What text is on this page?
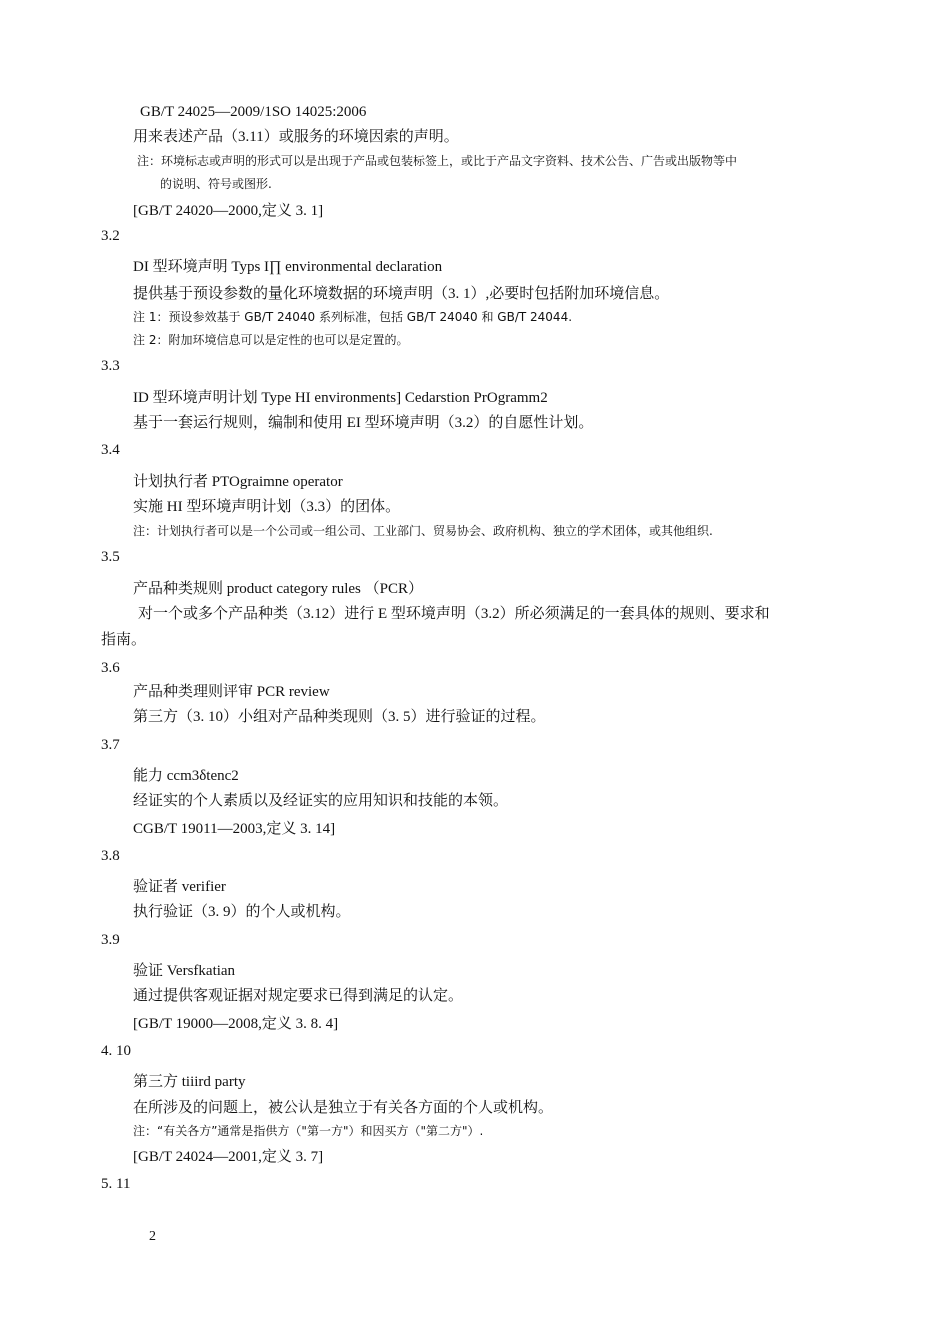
GB/T 24025—2009/1SO 14025:2006
用来表述产品（3.11）或服务的环境因索的声明。
注：环境标志或声明的形式可以是出现于产品或包装标签上，或比于产品文字资料、技术公告、广告或出版物等中
的说明、符号或图形.
[GB/T 24020—2000,定义 3. 1]
3.2
DI 型环境声明 Typs I∏ environmental declaration
提供基于预设参数的量化环境数据的环境声明（3. 1）,必要时包括附加环境信息。
注 1：预设参效基于 GB/T 24040 系列标准，包括 GB/T 24040 和 GB/T 24044.
注 2：附加环境信息可以是定性的也可以是定置的。
3.3
ID 型环境声明计划 Type HI environments] Cedarstion PrOgramm2
基于一套运行规则，编制和使用 EI 型环境声明（3.2）的自愿性计划。
3.4
计划执行者 PTOgraimne operator
实施 HI 型环境声明计划（3.3）的团体。
注：计划执行者可以是一个公司或一组公司、工业部门、贸易协会、政府机构、独立的学术团体，或其他组织.
3.5
产品种类规则 product category rules （PCR）
对一个或多个产品种类（3.12）进行 E 型环境声明（3.2）所必须满足的一套具体的规则、要求和
指南。
3.6
产品种类理则评审 PCR review
第三方（3. 10）小组对产品种类现则（3. 5）进行验证的过程。
3.7
能力 ccm3δtenc2
经证实的个人素质以及经证实的应用知识和技能的本领。
CGB/T 19011—2003,定义 3. 14]
3.8
验证者 verifier
执行验证（3. 9）的个人或机构。
3.9
验证 Versfkatian
通过提供客观证据对规定要求已得到满足的认定。
[GB/T 19000—2008,定义 3. 8. 4]
4. 10
第三方 tiiird party
在所涉及的问题上，被公认是独立于有关各方面的个人或机构。
注：“有关各方”通常是指供方（"第一方"）和因买方（"第二方"）.
[GB/T 24024—2001,定义 3. 7]
5. 11
2
